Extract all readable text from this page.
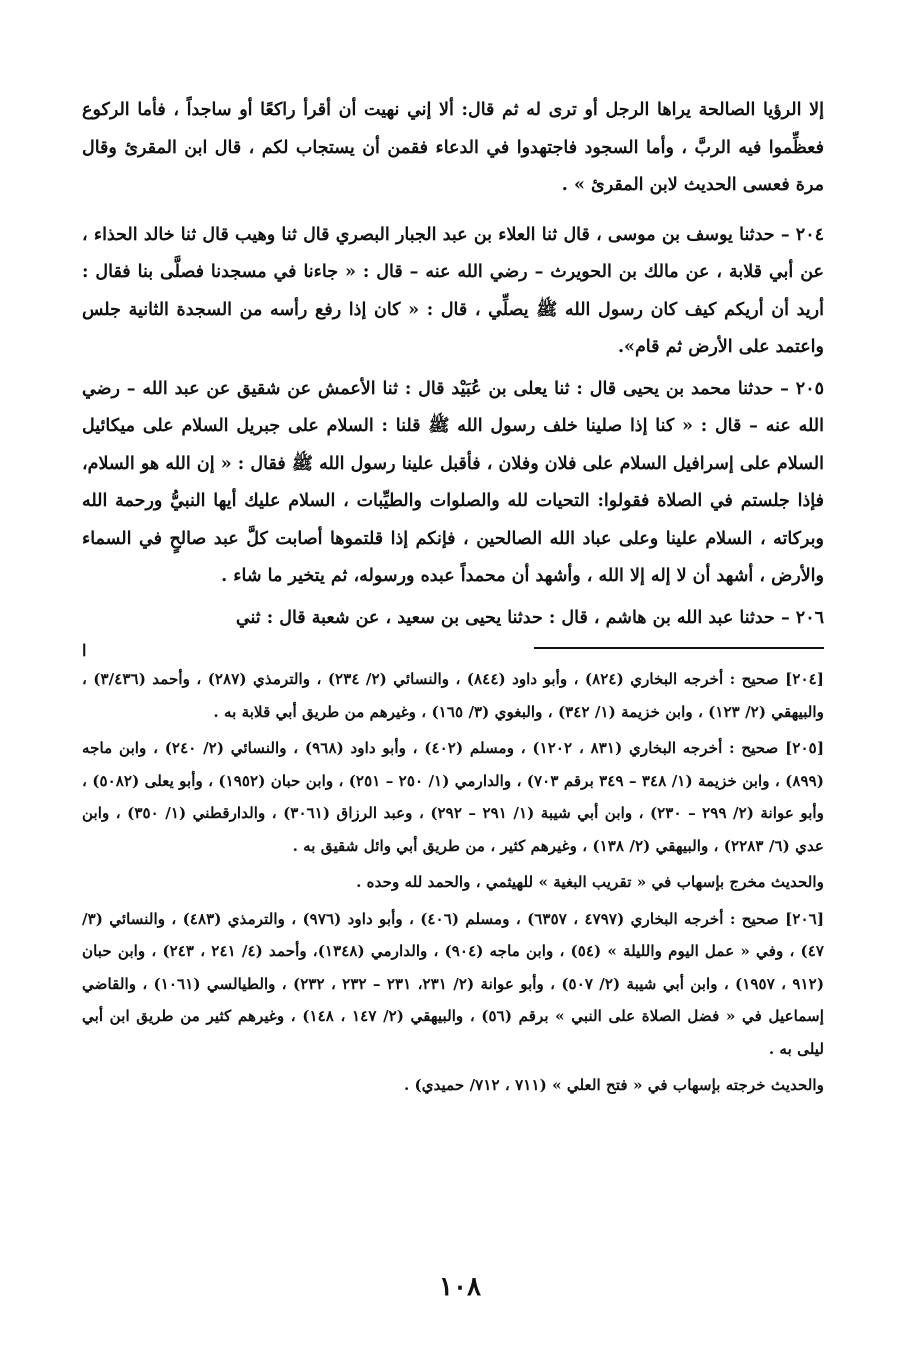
إلا الرؤيا الصالحة يراها الرجل أو ترى له ثم قال: ألا إني نهيت أن أقرأ راكعًا أو ساجداً ، فأما الركوع فعظِّموا فيه الربَّ ، وأما السجود فاجتهدوا في الدعاء فقمن أن يستجاب لكم ، قال ابن المقرئ وقال مرة فعسى الحديث لابن المقرئ » .

٢٠٤ – حدثنا يوسف بن موسى ، قال ثنا العلاء بن عبد الجبار البصري قال ثنا وهيب قال ثنا خالد الحذاء ، عن أبي قلابة ، عن مالك بن الحويرث – رضي الله عنه – قال : « جاءنا في مسجدنا فصلَّى بنا فقال : أريد أن أريكم كيف كان رسول الله ﷺ يصلِّي ، قال : « كان إذا رفع رأسه من السجدة الثانية جلس واعتمد على الأرض ثم قام».

٢٠٥ – حدثنا محمد بن يحيى قال : ثنا يعلى بن عُبَيْد قال : ثنا الأعمش عن شقيق عن عبد الله – رضي الله عنه – قال : « كنا إذا صلينا خلف رسول الله ﷺ قلنا : السلام على جبريل السلام على ميكائيل السلام على إسرافيل السلام على فلان وفلان ، فأقبل علينا رسول الله ﷺ فقال : « إن الله هو السلام، فإذا جلستم في الصلاة فقولوا: التحيات لله والصلوات والطيِّبات ، السلام عليك أيها النبيُّ ورحمة الله وبركاته ، السلام علينا وعلى عباد الله الصالحين ، فإنكم إذا قلتموها أصابت كلَّ عبد صالحٍ في السماء والأرض ، أشهد أن لا إله إلا الله ، وأشهد أن محمداً عبده ورسوله، ثم يتخير ما شاء .

٢٠٦ – حدثنا عبد الله بن هاشم ، قال : حدثنا يحيى بن سعيد ، عن شعبة قال : ثني

ا

[٢٠٤] صحيح : أخرجه البخاري (٨٢٤) ، وأبو داود (٨٤٤) ، والنسائي (٢/ ٢٣٤) ، والترمذي (٢٨٧) ، وأحمد (٣/٤٣٦) ، والبيهقي (٢/ ١٢٣) ، وابن خزيمة (١/ ٣٤٢) ، والبغوي (٣/ ١٦٥) ، وغيرهم من طريق أبي قلابة به .

[٢٠٥] صحيح : أخرجه البخاري (٨٣١ ، ١٢٠٢) ، ومسلم (٤٠٢) ، وأبو داود (٩٦٨) ، والنسائي (٢/ ٢٤٠) ، وابن ماجه (٨٩٩) ، وابن خزيمة (١/ ٣٤٨ – ٣٤٩ برقم ٧٠٣) ، والدارمي (١/ ٢٥٠ – ٢٥١) ، وابن حبان (١٩٥٢) ، وأبو يعلى (٥٠٨٢) ، وأبو عوانة (٢/ ٢٩٩ – ٢٣٠) ، وابن أبي شيبة (١/ ٢٩١ – ٢٩٢) ، وعبد الرزاق (٣٠٦١) ، والدارقطني (١/ ٣٥٠) ، وابن عدي (٦/ ٢٢٨٣) ، والبيهقي (٢/ ١٣٨) ، وغيرهم كثير ، من طريق أبي وائل شقيق به .

والحديث مخرج بإسهاب في « تقريب البغية » للهيثمي ، والحمد لله وحده .

[٢٠٦] صحيح : أخرجه البخاري (٤٧٩٧ ، ٦٣٥٧) ، ومسلم (٤٠٦) ، وأبو داود (٩٧٦) ، والترمذي (٤٨٣) ، والنسائي (٣/ ٤٧) ، وفي « عمل اليوم والليلة » (٥٤) ، وابن ماجه (٩٠٤) ، والدارمي (١٣٤٨)، وأحمد (٤/ ٢٤١ ، ٢٤٣) ، وابن حبان (٩١٢ ، ١٩٥٧) ، وابن أبي شيبة (٢/ ٥٠٧) ، وأبو عوانة (٢/ ٢٣١، ٢٣١ – ٢٣٢ ، ٢٣٢) ، والطيالسي (١٠٦١) ، والقاضي إسماعيل في « فضل الصلاة على النبي » برقم (٥٦) ، والبيهقي (٢/ ١٤٧ ، ١٤٨) ، وغيرهم كثير من طريق ابن أبي ليلى به .

والحديث خرجته بإسهاب في « فتح العلي » (٧١١ ، ٧١٢/ حميدي) .

١٠٨
